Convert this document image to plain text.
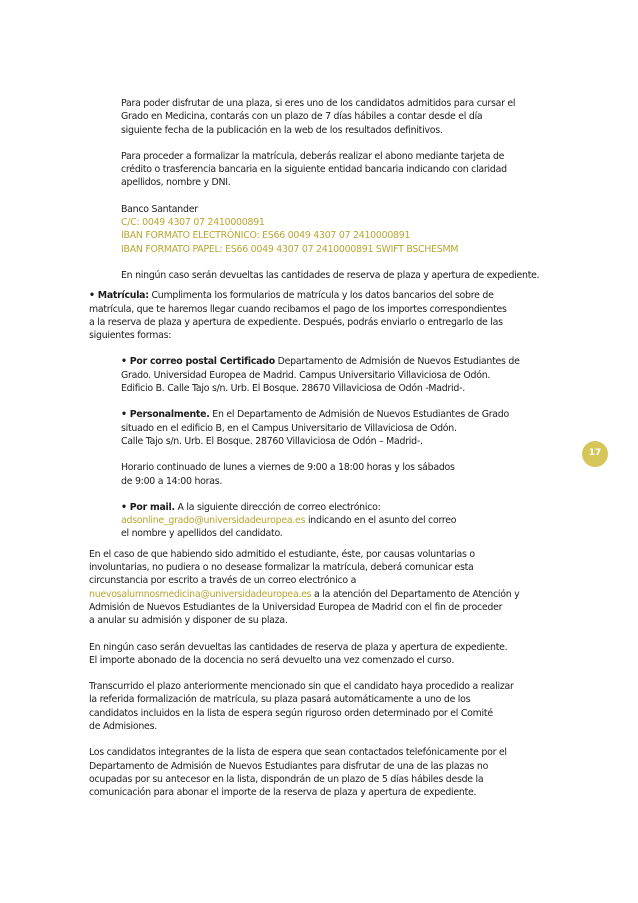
Para poder disfrutar de una plaza, si eres uno de los candidatos admitidos para cursar el
Grado en Medicina, contarás con un plazo de 7 días hábiles a contar desde el día
siguiente fecha de la publicación en la web de los resultados definitivos.

Para proceder a formalizar la matrícula, deberás realizar el abono mediante tarjeta de
crédito o trasferencia bancaria en la siguiente entidad bancaria indicando con claridad
apellidos, nombre y DNI.

Banco Santander

C/C: 0049 4307 07 2410000891

IBAN FORMATO ELECTRÓNICO: ES66 0049 4307 07 2410000891

IBAN FORMATO PAPEL: ES66 0049 4307 07 2410000891 SWIFT BSCHESMM

En ningún caso serán devueltas las cantidades de reserva de plaza y apertura de expediente.

• Matrícula: Cumplimenta los formularios de matrícula y los datos bancarios del sobre de
matrícula, que te haremos llegar cuando recibamos el pago de los importes correspondientes
a la reserva de plaza y apertura de expediente. Después, podrás enviarlo o entregarlo de las
siguientes formas:

• Por correo postal Certificado Departamento de Admisión de Nuevos Estudiantes de
Grado. Universidad Europea de Madrid. Campus Universitario Villaviciosa de Odón.
Edificio B. Calle Tajo s/n. Urb. El Bosque. 28670 Villaviciosa de Odón -Madrid-.

• Personalmente. En el Departamento de Admisión de Nuevos Estudiantes de Grado
situado en el edificio B, en el Campus Universitario de Villaviciosa de Odón.
Calle Tajo s/n. Urb. El Bosque. 28760 Villaviciosa de Odón – Madrid-.

Horario continuado de lunes a viernes de 9:00 a 18:00 horas y los sábados
de 9:00 a 14:00 horas.

• Por mail. A la siguiente dirección de correo electrónico:
adsonline_grado@universidadeuropea.es indicando en el asunto del correo
el nombre y apellidos del candidato.

En el caso de que habiendo sido admitido el estudiante, éste, por causas voluntarias o
involuntarias, no pudiera o no desease formalizar la matrícula, deberá comunicar esta
circunstancia por escrito a través de un correo electrónico a
nuevosalumnosmedicina@universidadeuropea.es a la atención del Departamento de Atención y
Admisión de Nuevos Estudiantes de la Universidad Europea de Madrid con el fin de proceder
a anular su admisión y disponer de su plaza.

En ningún caso serán devueltas las cantidades de reserva de plaza y apertura de expediente.
El importe abonado de la docencia no será devuelto una vez comenzado el curso.

Transcurrido el plazo anteriormente mencionado sin que el candidato haya procedido a realizar
la referida formalización de matrícula, su plaza pasará automáticamente a uno de los
candidatos incluidos en la lista de espera según riguroso orden determinado por el Comité
de Admisiones.

Los candidatos integrantes de la lista de espera que sean contactados telefónicamente por el
Departamento de Admisión de Nuevos Estudiantes para disfrutar de una de las plazas no
ocupadas por su antecesor en la lista, dispondrán de un plazo de 5 días hábiles desde la
comunicación para abonar el importe de la reserva de plaza y apertura de expediente.

17
